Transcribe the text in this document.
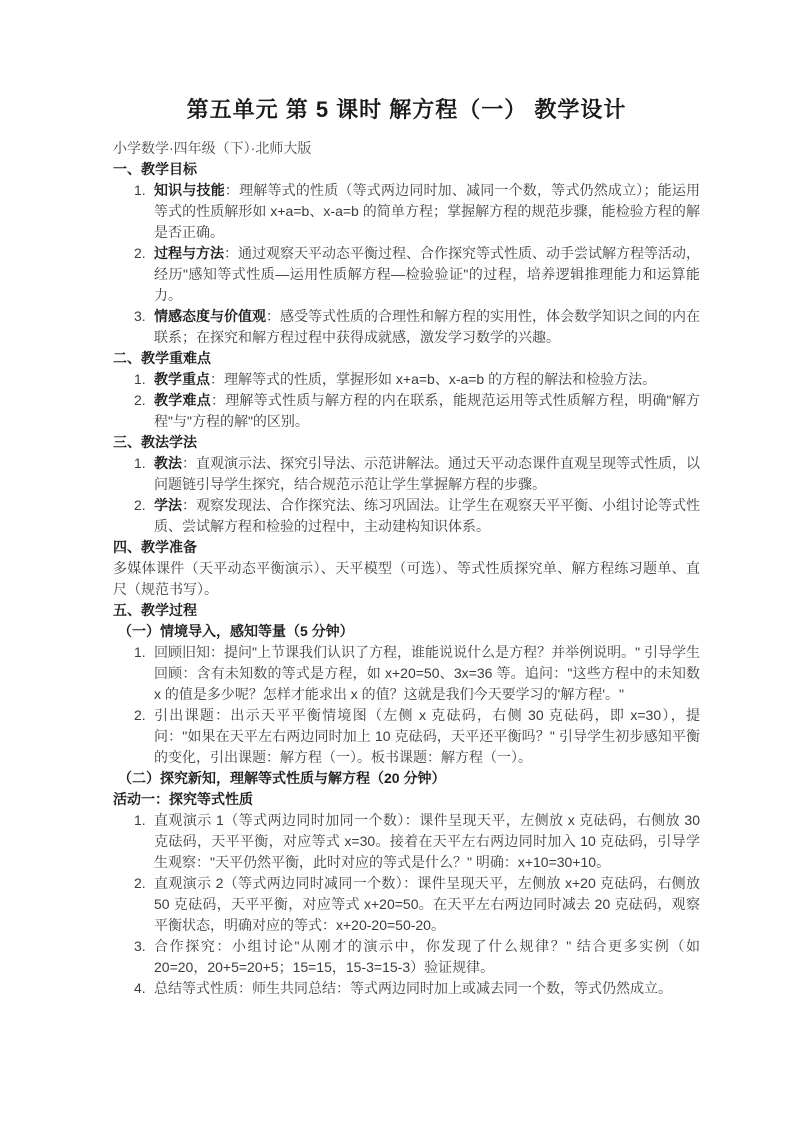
第五单元 第 5 课时 解方程（一） 教学设计

小学数学·四年级（下）·北师大版

一、教学目标
1. 知识与技能：理解等式的性质（等式两边同时加、减同一个数，等式仍然成立）；能运用等式的性质解形如 x+a=b、x-a=b 的简单方程；掌握解方程的规范步骤，能检验方程的解是否正确。
2. 过程与方法：通过观察天平动态平衡过程、合作探究等式性质、动手尝试解方程等活动，经历"感知等式性质—运用性质解方程—检验验证"的过程，培养逻辑推理能力和运算能力。
3. 情感态度与价值观：感受等式性质的合理性和解方程的实用性，体会数学知识之间的内在联系；在探究和解方程过程中获得成就感，激发学习数学的兴趣。
二、教学重难点
1. 教学重点：理解等式的性质，掌握形如 x+a=b、x-a=b 的方程的解法和检验方法。
2. 教学难点：理解等式性质与解方程的内在联系，能规范运用等式性质解方程，明确"解方程"与"方程的解"的区别。
三、教法学法
1. 教法：直观演示法、探究引导法、示范讲解法。通过天平动态课件直观呈现等式性质，以问题链引导学生探究，结合规范示范让学生掌握解方程的步骤。
2. 学法：观察发现法、合作探究法、练习巩固法。让学生在观察天平平衡、小组讨论等式性质、尝试解方程和检验的过程中，主动建构知识体系。
四、教学准备

多媒体课件（天平动态平衡演示）、天平模型（可选）、等式性质探究单、解方程练习题单、直尺（规范书写）。

五、教学过程
（一）情境导入，感知等量（5 分钟）
1. 回顾旧知：提问"上节课我们认识了方程，谁能说说什么是方程？并举例说明。" 引导学生回顾：含有未知数的等式是方程，如 x+20=50、3x=36 等。追问："这些方程中的未知数 x 的值是多少呢？怎样才能求出 x 的值？这就是我们今天要学习的'解方程'。"
2. 引出课题：出示天平平衡情境图（左侧 x 克砝码，右侧 30 克砝码，即 x=30），提问："如果在天平左右两边同时加上 10 克砝码，天平还平衡吗？" 引导学生初步感知平衡的变化，引出课题：解方程（一）。板书课题：解方程（一）。
（二）探究新知，理解等式性质与解方程（20 分钟）
活动一：探究等式性质
1. 直观演示 1（等式两边同时加同一个数）：课件呈现天平，左侧放 x 克砝码，右侧放 30 克砝码，天平平衡，对应等式 x=30。接着在天平左右两边同时加入 10 克砝码，引导学生观察："天平仍然平衡，此时对应的等式是什么？" 明确：x+10=30+10。
2. 直观演示 2（等式两边同时减同一个数）：课件呈现天平，左侧放 x+20 克砝码，右侧放 50 克砝码，天平平衡，对应等式 x+20=50。在天平左右两边同时减去 20 克砝码，观察平衡状态，明确对应的等式：x+20-20=50-20。
3. 合作探究：小组讨论"从刚才的演示中，你发现了什么规律？" 结合更多实例（如 20=20，20+5=20+5；15=15，15-3=15-3）验证规律。
4. 总结等式性质：师生共同总结：等式两边同时加上或减去同一个数，等式仍然成立。
